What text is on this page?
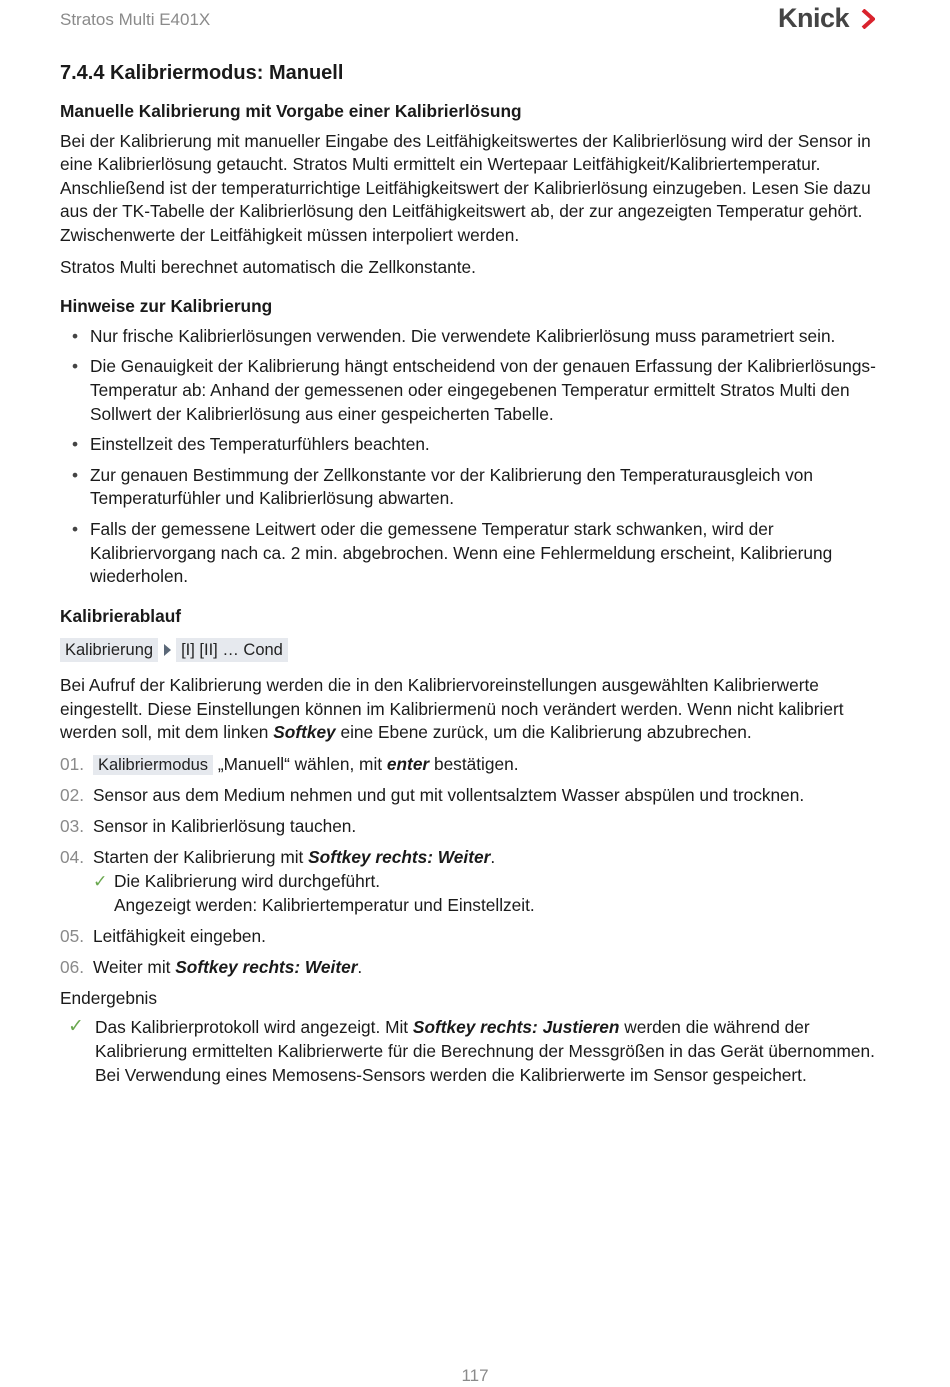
Stratos Multi E401X	Knick
7.4.4 Kalibriermodus: Manuell
Manuelle Kalibrierung mit Vorgabe einer Kalibrierlösung
Bei der Kalibrierung mit manueller Eingabe des Leitfähigkeitswertes der Kalibrierlösung wird der Sensor in eine Kalibrierlösung getaucht. Stratos Multi ermittelt ein Wertepaar Leitfähigkeit/Kalibriertemperatur. Anschließend ist der temperaturrichtige Leitfähigkeitswert der Kalibrierlösung einzugeben. Lesen Sie dazu aus der TK-Tabelle der Kalibrierlösung den Leitfähigkeitswert ab, der zur angezeigten Temperatur gehört. Zwischenwerte der Leitfähigkeit müssen interpoliert werden.
Stratos Multi berechnet automatisch die Zellkonstante.
Hinweise zur Kalibrierung
• Nur frische Kalibrierlösungen verwenden. Die verwendete Kalibrierlösung muss parametriert sein.
• Die Genauigkeit der Kalibrierung hängt entscheidend von der genauen Erfassung der Kalibrierlösungs-Temperatur ab: Anhand der gemessenen oder eingegebenen Temperatur ermittelt Stratos Multi den Sollwert der Kalibrierlösung aus einer gespeicherten Tabelle.
• Einstellzeit des Temperaturfühlers beachten.
• Zur genauen Bestimmung der Zellkonstante vor der Kalibrierung den Temperaturausgleich von Temperaturfühler und Kalibrierlösung abwarten.
• Falls der gemessene Leitwert oder die gemessene Temperatur stark schwanken, wird der Kalibriervorgang nach ca. 2 min. abgebrochen. Wenn eine Fehlermeldung erscheint, Kalibrierung wiederholen.
Kalibrierablauf
Kalibrierung	[I] [II] … Cond
Bei Aufruf der Kalibrierung werden die in den Kalibriervoreinstellungen ausgewählten Kalibrierwerte eingestellt. Diese Einstellungen können im Kalibriermenü noch verändert werden. Wenn nicht kalibriert werden soll, mit dem linken Softkey eine Ebene zurück, um die Kalibrierung abzubrechen.
01. Kalibriermodus „Manuell“ wählen, mit enter bestätigen.
02. Sensor aus dem Medium nehmen und gut mit vollentsalztem Wasser abspülen und trocknen.
03. Sensor in Kalibrierlösung tauchen.
04. Starten der Kalibrierung mit Softkey rechts: Weiter.
✓ Die Kalibrierung wird durchgeführt.
Angezeigt werden: Kalibriertemperatur und Einstellzeit.
05. Leitfähigkeit eingeben.
06. Weiter mit Softkey rechts: Weiter.
Endergebnis
✓ Das Kalibrierprotokoll wird angezeigt. Mit Softkey rechts: Justieren werden die während der Kalibrierung ermittelten Kalibrierwerte für die Berechnung der Messgrößen in das Gerät übernommen. Bei Verwendung eines Memosens-Sensors werden die Kalibrierwerte im Sensor gespeichert.
117
